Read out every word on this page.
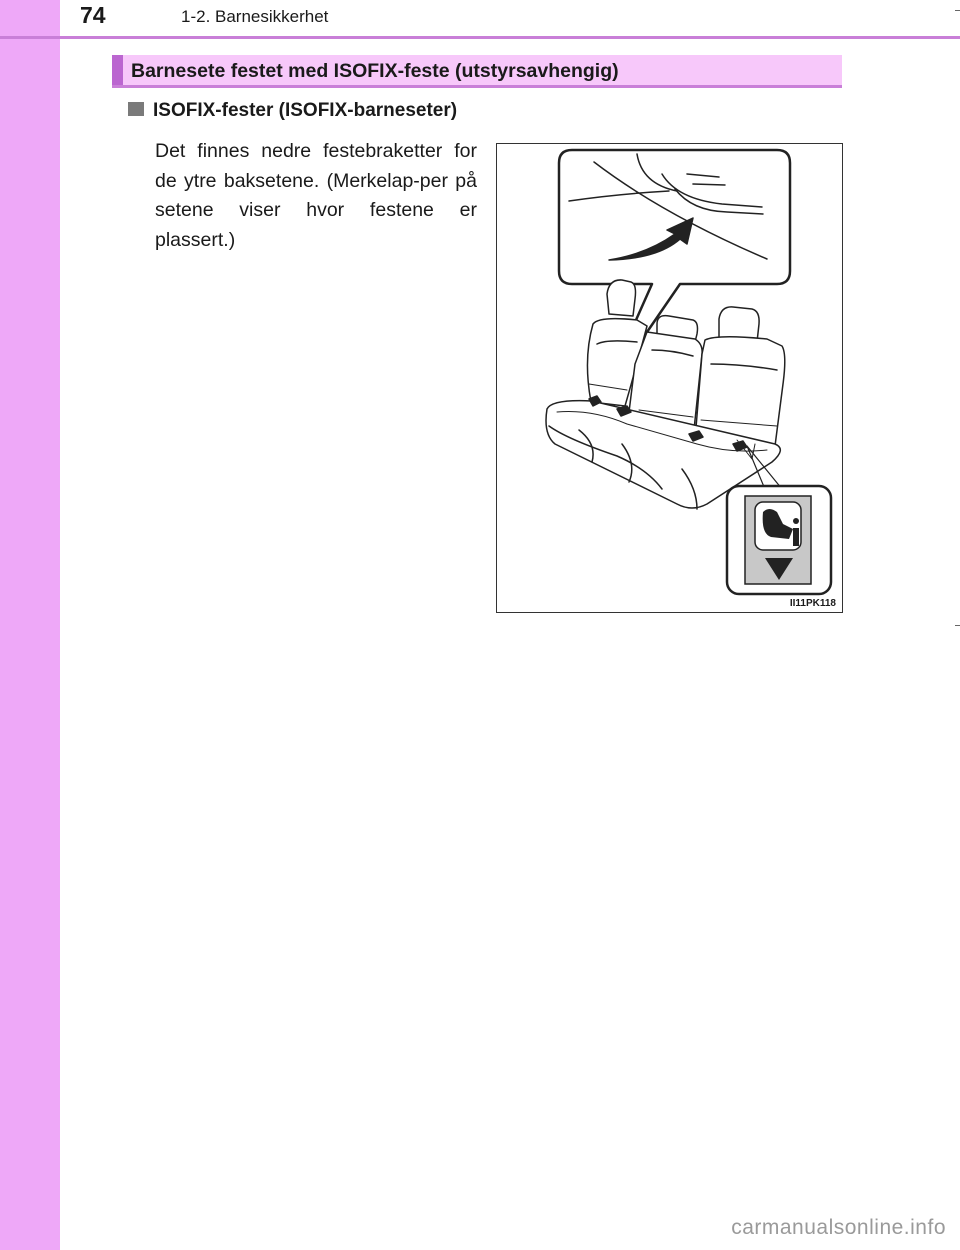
74	1-2. Barnesikkerhet
Barnesete festet med ISOFIX-feste (utstyrsavhengig)
ISOFIX-fester (ISOFIX-barneseter)
Det finnes nedre festebraketter for de ytre baksetene. (Merkelap-per på setene viser hvor festene er plassert.)
II11PK118
carmanualsonline.info
